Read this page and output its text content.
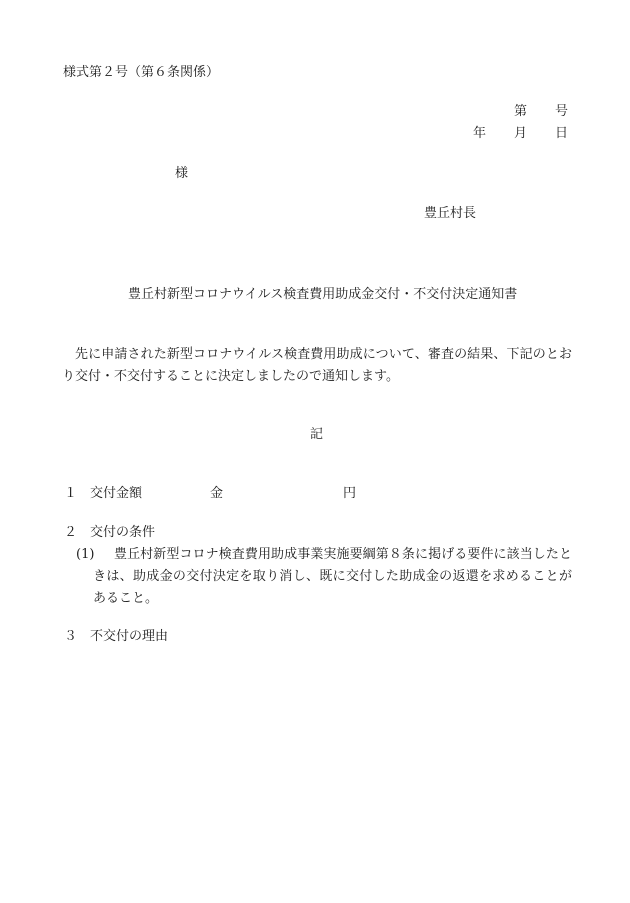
様式第２号（第６条関係）
第 号
年 月 日
様
豊丘村長
豊丘村新型コロナウイルス検査費用助成金交付・不交付決定通知書
先に申請された新型コロナウイルス検査費用助成について、審査の結果、下記のとおり交付・不交付することに決定しましたので通知します。
記
１ 交付金額	金	円
２ 交付の条件
(1)	豊丘村新型コロナ検査費用助成事業実施要綱第８条に掲げる要件に該当したときは、助成金の交付決定を取り消し、既に交付した助成金の返還を求めることがあること。
３ 不交付の理由
